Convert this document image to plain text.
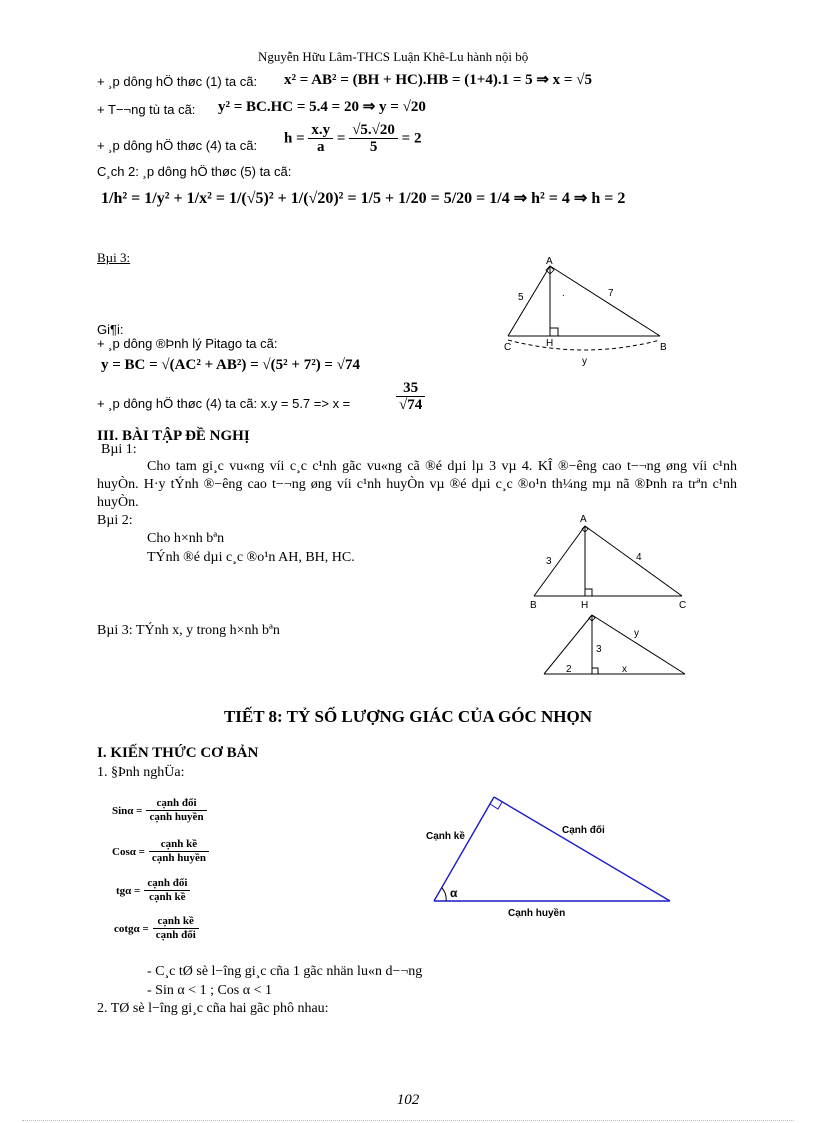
Nguyễn Hữu Lâm-THCS Luận Khê-Lu hành nội bộ
+ ¸p dông hÖ thøc (1) ta cã: x² = AB² = (BH + HC).HB = (1+4).1 = 5 ⇒ x = √5
+ T−¬ng tù ta cã: y² = BC.HC = 5.4 = 20 ⇒ y = √20
+ ¸p dông hÖ thøc (4) ta cã: $h = \frac{x.y}{a} = \frac{√5.√20}{5} = 2$
C¸ch 2: ¸p dông hÖ thøc (5) ta cã:
1/h² = 1/y² + 1/x² = 1/(√5)² + 1/(√20)² = 1/5 + 1/20 = 5/20 = 1/4 ⇒ h² = 4 ⇒ h = 2
Bµi 3:	A
C	H	B
5	7
y
.
Gi¶i:
+ ¸p dông ®Þnh lý Pitago ta cã:
y = BC = √(AC² + AB²) = √(5² + 7²) = √74
+ ¸p dông hÖ thøc (4) ta cã: x.y = 5.7 => x =	$\frac{35}{√74}$
III. BÀI TẬP ĐỀ NGHỊ
Bµi 1:
Cho tam gi¸c vu«ng víi c¸c c¹nh gãc vu«ng cã ®é dµi lµ 3 vµ 4. KÎ ®−êng cao t−¬ng øng víi c¹nh huyÒn. H·y tÝnh ®−êng cao t−¬ng øng víi c¹nh huyÒn vµ ®é dµi c¸c ®o¹n th¼ng mµ nã ®Þnh ra trªn c¹nh huyÒn.
Bµi 2:
Cho h×nh bªn
TÝnh ®é dµi c¸c ®o¹n AH, BH, HC.
A
B	H	C
3	4
Bµi 3: TÝnh x, y trong h×nh bªn
2
3
x
y
TIẾT 8: TỶ SỐ LƯỢNG GIÁC CỦA GÓC NHỌN
I. KIẾN THỨC CƠ BẢN
1. §Þnh nghÜa:
Sinα =
cạnh đối
cạnh huyền
Cosα =
cạnh kề
cạnh huyền
tgα =
cạnh đối
cạnh kề
cotgα =
cạnh kề
cạnh đối
α
Cạnh kề
Cạnh đối
Cạnh huyền
- C¸c tØ sè l−îng gi¸c cña 1 gãc nhän lu«n d−¬ng
- Sin α < 1 ; Cos α < 1
2. TØ sè l−îng gi¸c cña hai gãc phô nhau:
102
